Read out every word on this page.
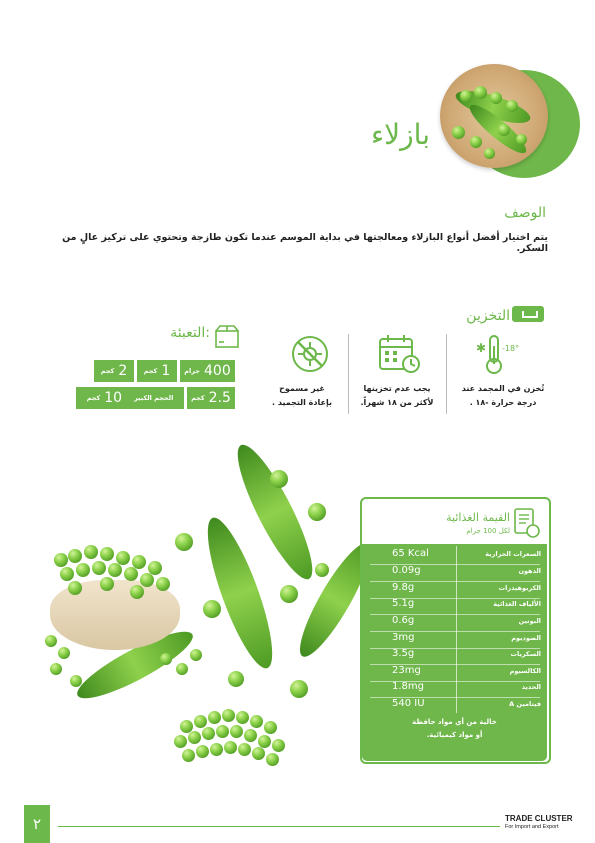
بازلاء
الوصف
يتم اختيار أفضل أنواع البازلاء ومعالجتها في بداية الموسم عندما تكون طازجة وتحتوي على تركيز عالٍ من السكر.
التخزين
✱ -18°
تُخزن في المجمد عند
درجة حرارة -١٨ .
يجب عدم تخزينها
لأكثر من ١٨ شهراً.
غير مسموح
بإعادة التجميد .
التعبئة:
جرام 400
كجم 1
كجم 2
كجم 2.5
كجم 10 الحجم الكبير
القيمة الغذائية
لكل 100 جرام
65 Kcal	السعرات الحرارية
0.09g	الدهون
9.8g	الكربوهيدرات
5.1g	الألياف الغذائية
0.6g	البوتين
3mg	الصوديوم
3.5g	السكريات
23mg	الكالسيوم
1.8mg	الحديد
540 IU	فيتامين A
خالية من أي مواد حافظة
أو مواد كيميائية.
٢	TRADE CLUSTER
For Import and Export
